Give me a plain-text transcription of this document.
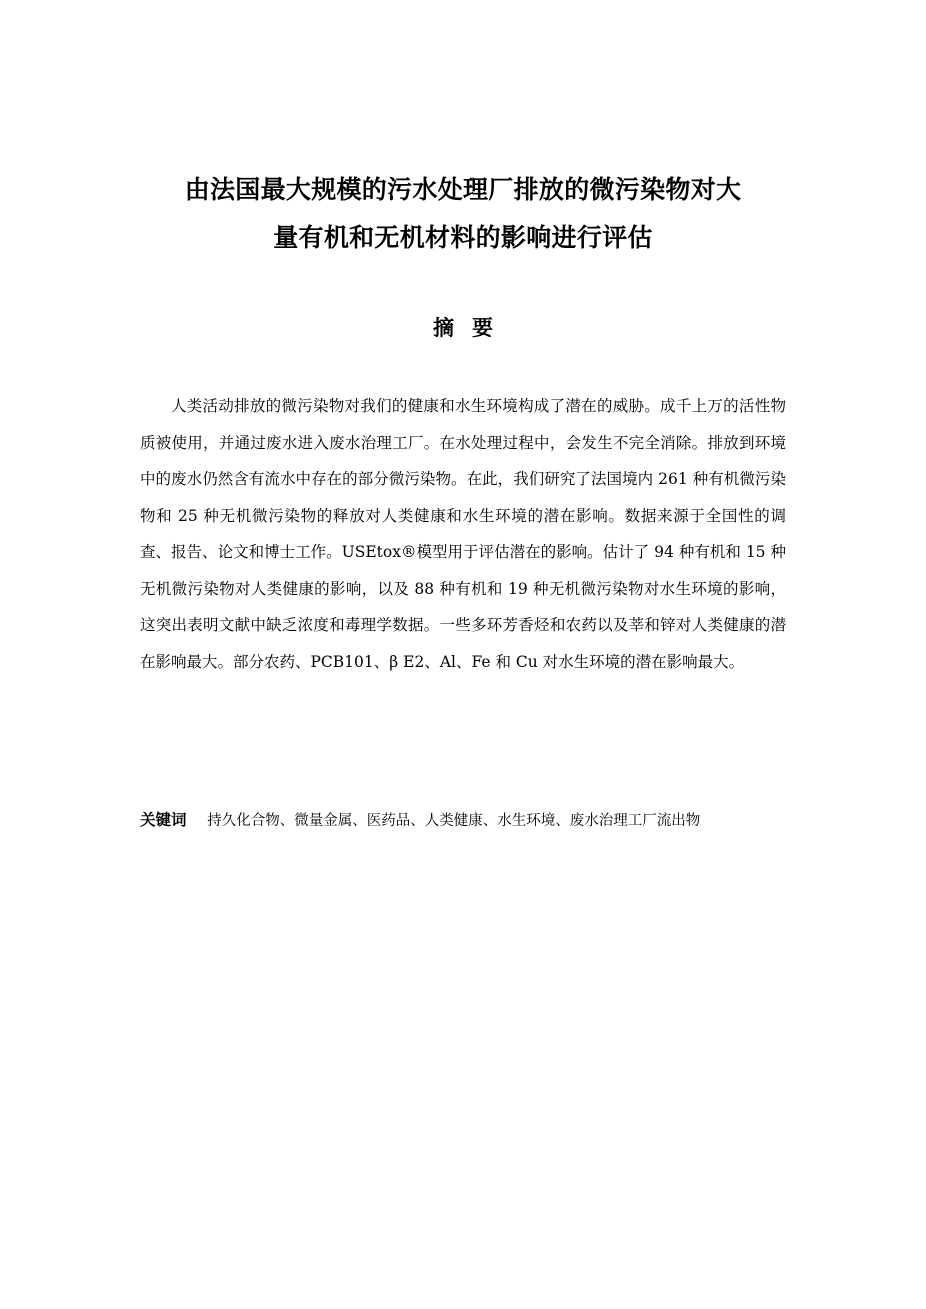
由法国最大规模的污水处理厂排放的微污染物对大
量有机和无机材料的影响进行评估
摘要

人类活动排放的微污染物对我们的健康和水生环境构成了潜在的威胁。成千上万的活性物质被使用，并通过废水进入废水治理工厂。在水处理过程中，会发生不完全消除。排放到环境中的废水仍然含有流水中存在的部分微污染物。在此，我们研究了法国境内 261 种有机微污染物和 25 种无机微污染物的释放对人类健康和水生环境的潜在影响。数据来源于全国性的调查、报告、论文和博士工作。USEtox®模型用于评估潜在的影响。估计了 94 种有机和 15 种无机微污染物对人类健康的影响，以及 88 种有机和 19 种无机微污染物对水生环境的影响，这突出表明文献中缺乏浓度和毒理学数据。一些多环芳香烃和农药以及莘和锌对人类健康的潜在影响最大。部分农药、PCB101、β E2、Al、Fe 和 Cu 对水生环境的潜在影响最大。

关键词 持久化合物、微量金属、医药品、人类健康、水生环境、废水治理工厂流出物
